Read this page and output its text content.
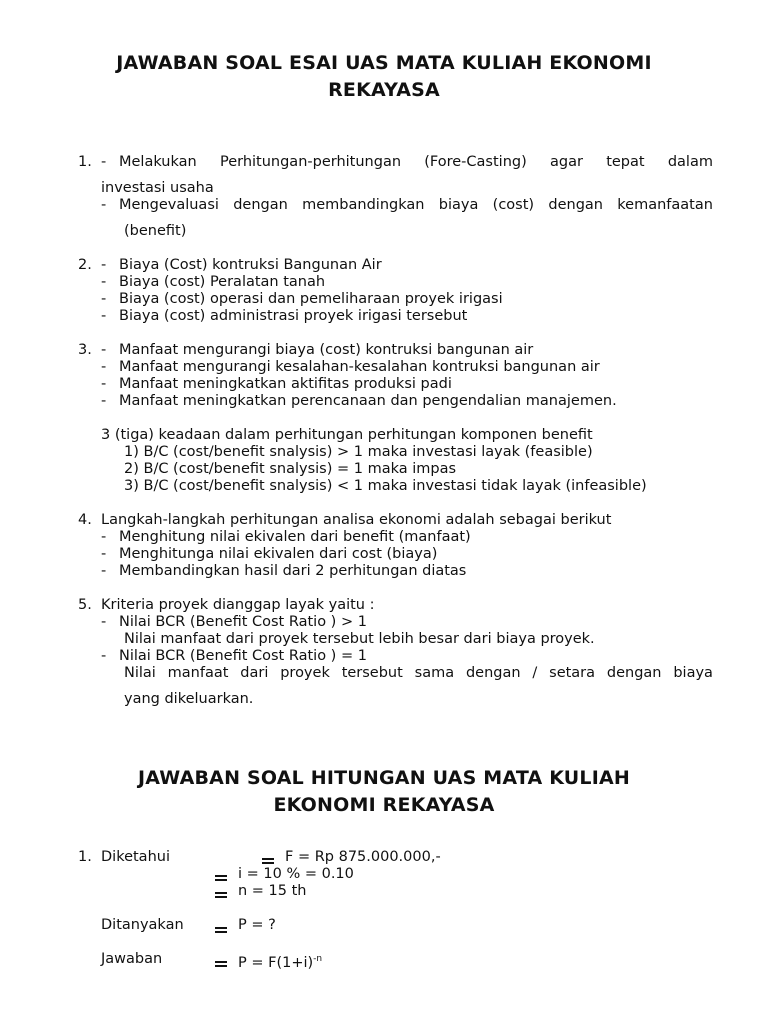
JAWABAN SOAL ESAI UAS MATA KULIAH EKONOMI
REKAYASA
1. - Melakukan Perhitungan-perhitungan (Fore-Casting) agar tepat dalam
investasi usaha
- Mengevaluasi dengan membandingkan biaya (cost) dengan kemanfaatan
(benefit)
2. - Biaya (Cost) kontruksi Bangunan Air
- Biaya (cost) Peralatan tanah
- Biaya (cost) operasi dan pemeliharaan proyek irigasi
- Biaya (cost) administrasi proyek irigasi tersebut
3. - Manfaat mengurangi biaya (cost) kontruksi bangunan air
- Manfaat mengurangi kesalahan-kesalahan kontruksi bangunan air
- Manfaat meningkatkan aktifitas produksi padi
- Manfaat meningkatkan perencanaan dan pengendalian manajemen.
3 (tiga) keadaan dalam perhitungan perhitungan komponen benefit
1) B/C (cost/benefit snalysis) > 1 maka investasi layak (feasible)
2) B/C (cost/benefit snalysis) = 1 maka impas
3) B/C (cost/benefit snalysis) < 1 maka investasi tidak layak (infeasible)
4. Langkah-langkah perhitungan analisa ekonomi adalah sebagai berikut
- Menghitung nilai ekivalen dari benefit (manfaat)
- Menghitunga nilai ekivalen dari cost (biaya)
- Membandingkan hasil dari 2 perhitungan diatas
5. Kriteria proyek dianggap layak yaitu :
- Nilai BCR (Benefit Cost Ratio ) > 1
Nilai manfaat dari proyek tersebut lebih besar dari biaya proyek.
- Nilai BCR (Benefit Cost Ratio ) = 1
Nilai manfaat dari proyek tersebut sama dengan / setara dengan biaya
yang dikeluarkan.
JAWABAN SOAL HITUNGAN UAS MATA KULIAH
EKONOMI REKAYASA
1. Diketahui	F = Rp 875.000.000,-
i = 10 % = 0.10
n = 15 th
Ditanyakan	P = ?
Jawaban	$P = F(1+i)^{-n}$
